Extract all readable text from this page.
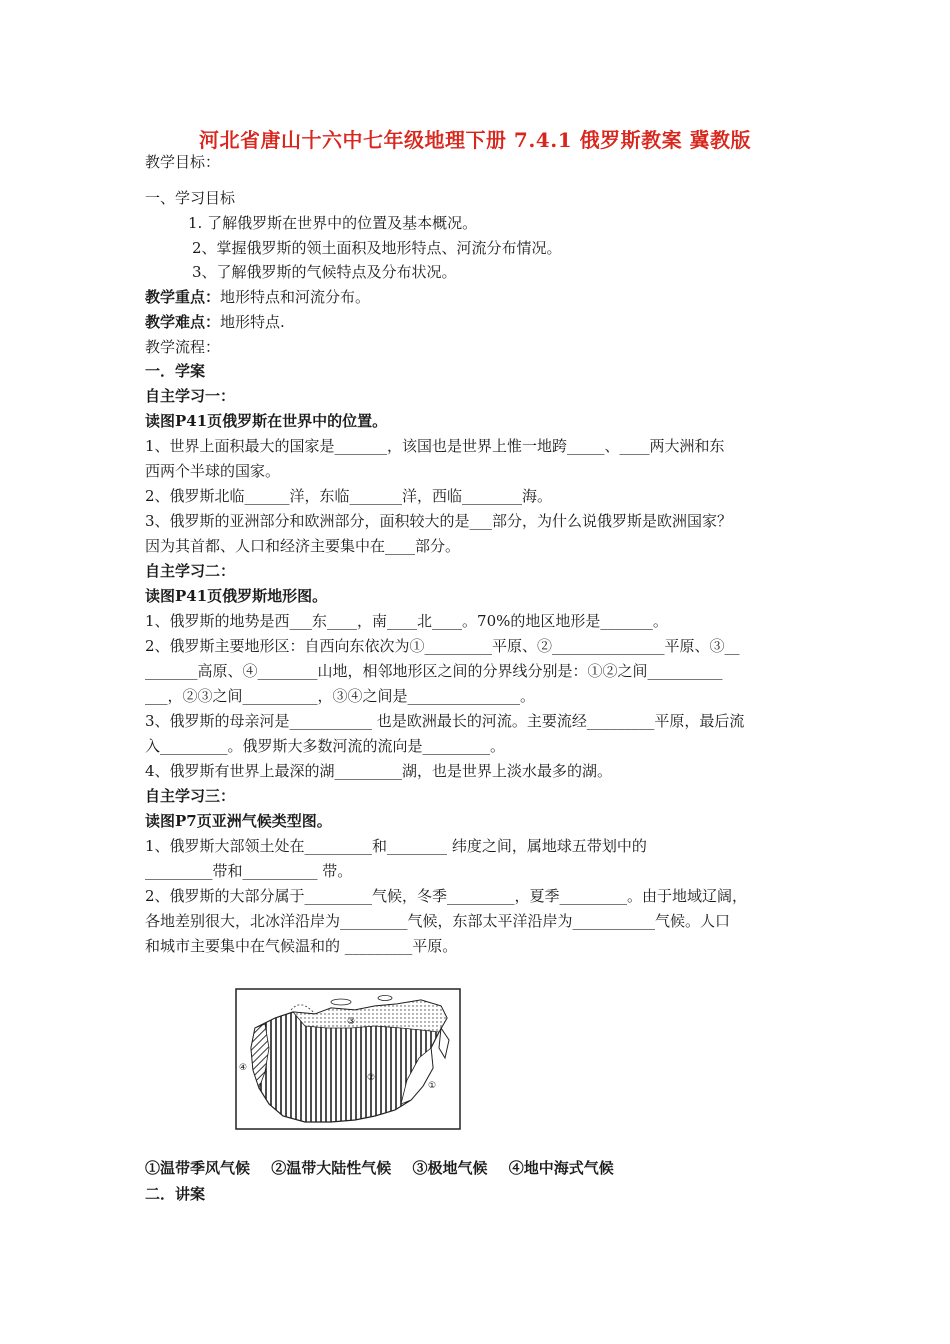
河北省唐山十六中七年级地理下册 7.4.1 俄罗斯教案 冀教版
教学目标：
一、学习目标
1. 了解俄罗斯在世界中的位置及基本概况。
2、掌握俄罗斯的领土面积及地形特点、河流分布情况。
3、了解俄罗斯的气候特点及分布状况。
教学重点：地形特点和河流分布。
教学难点：地形特点.
教学流程：
一．学案
自主学习一：
读图P41页俄罗斯在世界中的位置。
1、世界上面积最大的国家是_______，该国也是世界上惟一地跨_____、____两大洲和东
西两个半球的国家。
2、俄罗斯北临______洋，东临_______洋，西临________海。
3、俄罗斯的亚洲部分和欧洲部分，面积较大的是___部分，为什么说俄罗斯是欧洲国家？
因为其首都、人口和经济主要集中在____部分。
自主学习二：
读图P41页俄罗斯地形图。
1、俄罗斯的地势是西___东____，南____北____。70%的地区地形是_______。
2、俄罗斯主要地形区：自西向东依次为①_________平原、②_______________平原、③__
_______高原、④________山地，相邻地形区之间的分界线分别是：①②之间__________
___，②③之间__________，③④之间是_______________。
3、俄罗斯的母亲河是___________ 也是欧洲最长的河流。主要流经_________平原，最后流
入_________。俄罗斯大多数河流的流向是_________。
4、俄罗斯有世界上最深的湖_________湖，也是世界上淡水最多的湖。
自主学习三：
读图P7页亚洲气候类型图。
1、俄罗斯大部领土处在_________和________ 纬度之间，属地球五带划中的
_________带和__________ 带。
2、俄罗斯的大部分属于_________气候，冬季_________，夏季_________。由于地域辽阔，
各地差别很大，北冰洋沿岸为_________气候，东部太平洋沿岸为___________气候。人口
和城市主要集中在气候温和的 _________平原。
③
②
④
①
①温带季风气候 ②温带大陆性气候 ③极地气候 ④地中海式气候
二．讲案
